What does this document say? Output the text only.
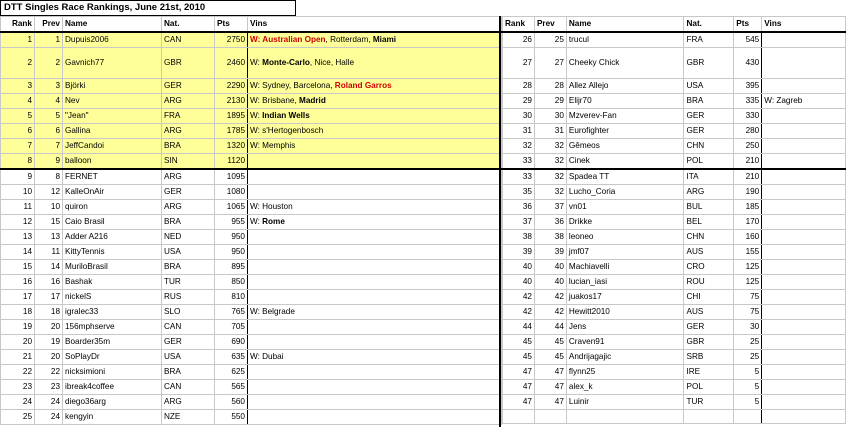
DTT Singles Race Rankings, June 21st, 2010
Rank	Prev	Name	Nat.	Pts	Vins
1	1	Dupuis2006	CAN	2750	W: Australian Open, Rotterdam, Miami
2	2	Gavnich77	GBR	2460	W: Monte-Carlo, Nice, Halle
3	3	Björki	GER	2290	W: Sydney, Barcelona, Roland Garros
4	4	Nev	ARG	2130	W: Brisbane, Madrid
5	5	"Jean"	FRA	1895	W: Indian Wells
6	6	Gallina	ARG	1785	W: s'Hertogenbosch
7	7	JeffCandoi	BRA	1320	W: Memphis
8	9	balloon	SIN	1120	
9	8	FERNET	ARG	1095	
10	12	KalleOnAir	GER	1080	
11	10	quiron	ARG	1065	W: Houston
12	15	Caio Brasil	BRA	955	W: Rome
13	13	Adder A216	NED	950	
14	11	KittyTennis	USA	950	
15	14	MuriloBrasil	BRA	895	
16	16	Bashak	TUR	850	
17	17	nickelS	RUS	810	
18	18	igralec33	SLO	765	W: Belgrade
19	20	156mphserve	CAN	705	
20	19	Boarder35m	GER	690	
21	20	SoPlayDr	USA	635	W: Dubai
22	22	nicksimioni	BRA	625	
23	23	ibreak4coffee	CAN	565	
24	24	diego36arg	ARG	560	
25	24	kengyin	NZE	550	
Rank	Prev	Name	Nat.	Pts	Vins
26	25	trucul	FRA	545	
27	27	Cheeky Chick	GBR	430	
28	28	Allez Allejo	USA	395	
29	29	Elijr70	BRA	335	W: Zagreb
30	30	Mzverev-Fan	GER	330	
31	31	Eurofighter	GER	280	
32	32	Gêmeos	CHN	250	
33	32	Cinek	POL	210	
33	32	Spadea TT	ITA	210	
35	32	Lucho_Coria	ARG	190	
36	37	vn01	BUL	185	
37	36	Drikke	BEL	170	
38	38	leoneo	CHN	160	
39	39	jmf07	AUS	155	
40	40	Machiavelli	CRO	125	
40	40	lucian_iasi	ROU	125	
42	42	juakos17	CHI	75	
42	42	Hewitt2010	AUS	75	
44	44	Jens	GER	30	
45	45	Craven91	GBR	25	
45	45	Andrijagajic	SRB	25	
47	47	flynn25	IRE	5	
47	47	alex_k	POL	5	
47	47	Luinir	TUR	5	
